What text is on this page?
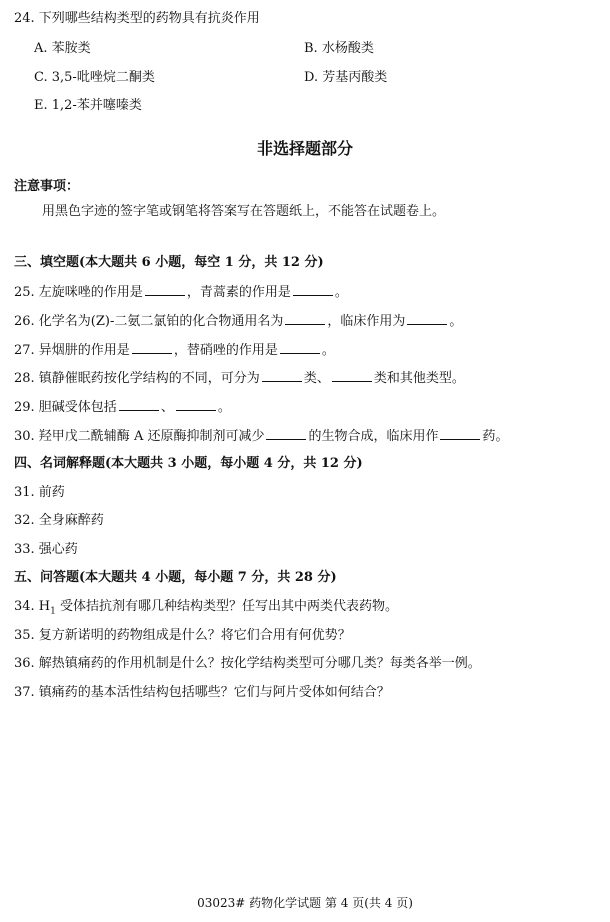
24. 下列哪些结构类型的药物具有抗炎作用
A. 苯胺类	B. 水杨酸类
C. 3,5-吡唑烷二酮类	D. 芳基丙酸类
E. 1,2-苯并噻嗪类
非选择题部分
注意事项：
用黑色字迹的签字笔或钢笔将答案写在答题纸上，不能答在试题卷上。
三、填空题(本大题共 6 小题，每空 1 分，共 12 分)
25. 左旋咪唑的作用是	，青蒿素的作用是	。
26. 化学名为(Z)-二氨二氯铂的化合物通用名为	，临床作用为	。
27. 异烟肼的作用是	，替硝唑的作用是	。
28. 镇静催眠药按化学结构的不同，可分为	类、	类和其他类型。
29. 胆碱受体包括	、	。
30. 羟甲戊二酰辅酶 A 还原酶抑制剂可减少	的生物合成，临床用作	药。
四、名词解释题(本大题共 3 小题，每小题 4 分，共 12 分)
31. 前药
32. 全身麻醉药
33. 强心药
五、问答题(本大题共 4 小题，每小题 7 分，共 28 分)
34. $H_1$ 受体拮抗剂有哪几种结构类型？任写出其中两类代表药物。
35. 复方新诺明的药物组成是什么？将它们合用有何优势？
36. 解热镇痛药的作用机制是什么？按化学结构类型可分哪几类？每类各举一例。
37. 镇痛药的基本活性结构包括哪些？它们与阿片受体如何结合？
03023# 药物化学试题 第 4 页(共 4 页)
